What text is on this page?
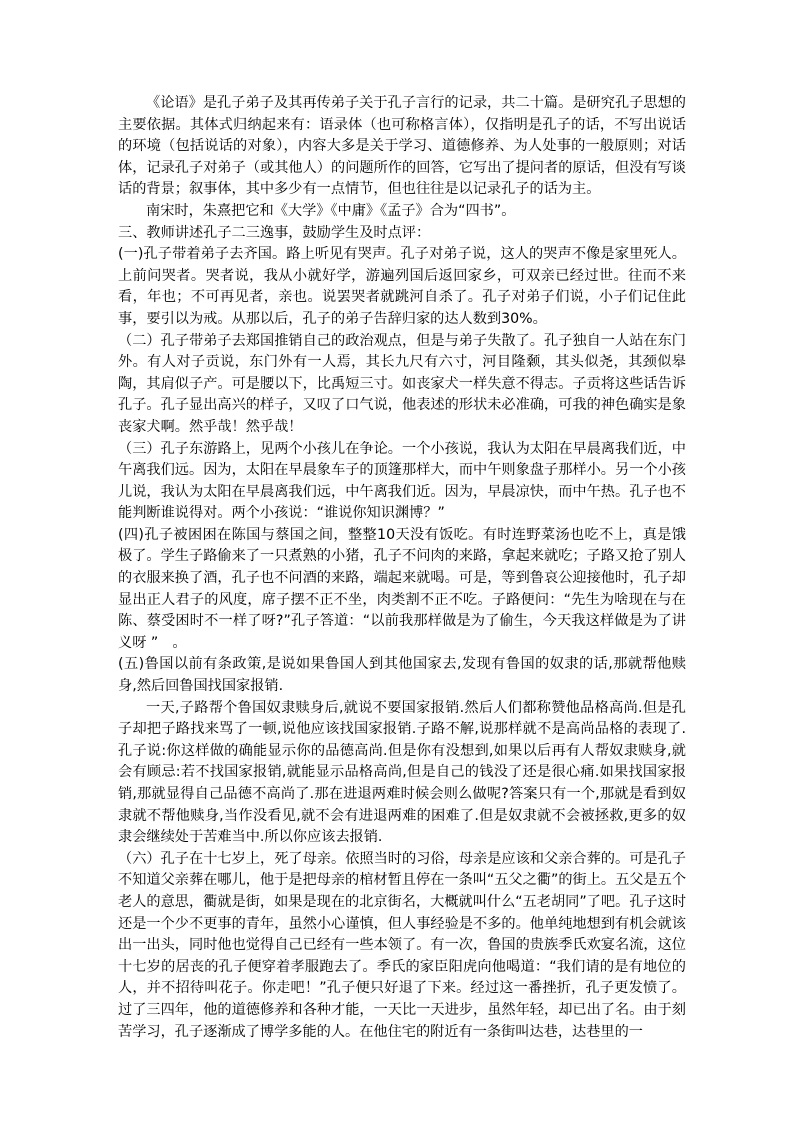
《论语》是孔子弟子及其再传弟子关于孔子言行的记录，共二十篇。是研究孔子思想的主要依据。其体式归纳起来有：语录体（也可称格言体），仅指明是孔子的话，不写出说话的环境（包括说话的对象），内容大多是关于学习、道德修养、为人处事的一般原则；对话体，记录孔子对弟子（或其他人）的问题所作的回答，它写出了提问者的原话，但没有写谈话的背景；叙事体，其中多少有一点情节，但也往往是以记录孔子的话为主。

南宋时，朱熹把它和《大学》《中庸》《孟子》合为“四书”。

三、教师讲述孔子二三逸事，鼓励学生及时点评：

(一)孔子带着弟子去齐国。路上听见有哭声。孔子对弟子说，这人的哭声不像是家里死人。上前问哭者。哭者说，我从小就好学，游遍列国后返回家乡，可双亲已经过世。往而不来看，年也；不可再见者，亲也。说罢哭者就跳河自杀了。孔子对弟子们说，小子们记住此事，要引以为戒。从那以后，孔子的弟子告辞归家的达人数到30%。

（二）孔子带弟子去郑国推销自己的政治观点，但是与弟子失散了。孔子独自一人站在东门外。有人对子贡说，东门外有一人焉，其长九尺有六寸，河目隆颡，其头似尧，其颈似皋陶，其肩似子产。可是腰以下，比禹短三寸。如丧家犬一样失意不得志。子贡将这些话告诉孔子。孔子显出高兴的样子，又叹了口气说，他表述的形状未必准确，可我的神色确实是象丧家犬啊。然乎哉！然乎哉！

（三）孔子东游路上，见两个小孩儿在争论。一个小孩说，我认为太阳在早晨离我们近，中午离我们远。因为，太阳在早晨象车子的顶篷那样大，而中午则象盘子那样小。另一个小孩儿说，我认为太阳在早晨离我们远，中午离我们近。因为，早晨凉快，而中午热。孔子也不能判断谁说得对。两个小孩说：“谁说你知识渊博？”

(四)孔子被困困在陈国与蔡国之间，整整10天没有饭吃。有时连野菜汤也吃不上，真是饿极了。学生子路偷来了一只煮熟的小猪，孔子不问肉的来路，拿起来就吃；子路又抢了别人的衣服来换了酒，孔子也不问酒的来路，端起来就喝。可是，等到鲁哀公迎接他时，孔子却显出正人君子的风度，席子摆不正不坐，肉类割不正不吃。子路便问：“先生为啥现在与在陈、蔡受困时不一样了呀?”孔子答道：“以前我那样做是为了偷生，今天我这样做是为了讲义呀 ”　。

(五)鲁国以前有条政策,是说如果鲁国人到其他国家去,发现有鲁国的奴隶的话,那就帮他赎身,然后回鲁国找国家报销.

一天,子路帮个鲁国奴隶赎身后,就说不要国家报销.然后人们都称赞他品格高尚.但是孔子却把子路找来骂了一顿,说他应该找国家报销.子路不解,说那样就不是高尚品格的表现了.孔子说:你这样做的确能显示你的品德高尚.但是你有没想到,如果以后再有人帮奴隶赎身,就会有顾忌:若不找国家报销,就能显示品格高尚,但是自己的钱没了还是很心痛.如果找国家报销,那就显得自己品德不高尚了.那在进退两难时候会则么做呢?答案只有一个,那就是看到奴隶就不帮他赎身,当作没看见,就不会有进退两难的困难了.但是奴隶就不会被拯救,更多的奴隶会继续处于苦难当中.所以你应该去报销.

（六）孔子在十七岁上，死了母亲。依照当时的习俗，母亲是应该和父亲合葬的。可是孔子不知道父亲葬在哪儿，他于是把母亲的棺材暂且停在一条叫“五父之衢”的街上。五父是五个老人的意思，衢就是街，如果是现在的北京街名，大概就叫什么“五老胡同”了吧。孔子这时还是一个少不更事的青年，虽然小心谨慎，但人事经验是不多的。他单纯地想到有机会就该出一出头，同时他也觉得自己已经有一些本领了。有一次，鲁国的贵族季氏欢宴名流，这位十七岁的居丧的孔子便穿着孝服跑去了。季氏的家臣阳虎向他喝道：“我们请的是有地位的人，并不招待叫花子。你走吧！”孔子便只好退了下来。经过这一番挫折，孔子更发愤了。过了三四年，他的道德修养和各种才能，一天比一天进步，虽然年轻，却已出了名。由于刻苦学习，孔子逐渐成了博学多能的人。在他住宅的附近有一条街叫达巷，达巷里的一
